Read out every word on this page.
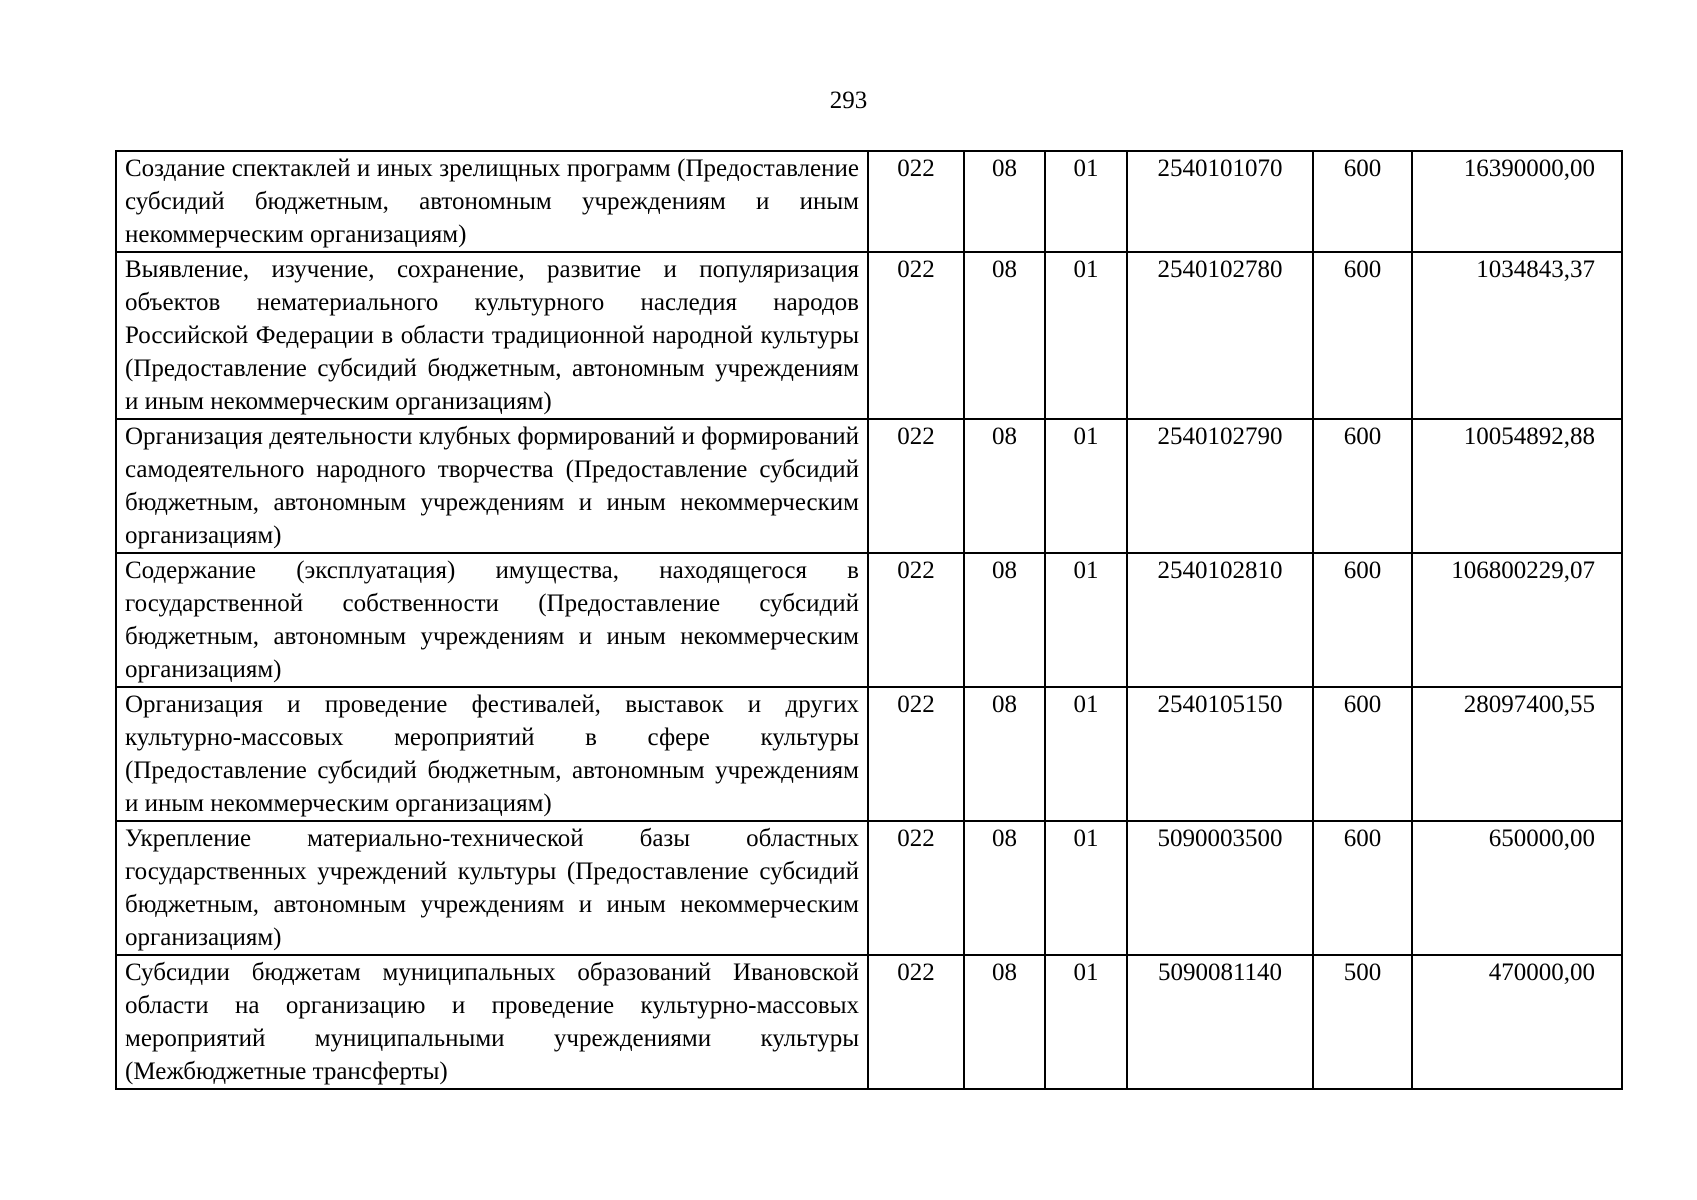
293
Создание спектаклей и иных зрелищных программ (Предоставление субсидий бюджетным, автономным учреждениям и иным некоммерческим организациям)	022	08	01	2540101070	600	16390000,00
Выявление, изучение, сохранение, развитие и популяризация объектов нематериального культурного наследия народов Российской Федерации в области традиционной народной культуры (Предоставление субсидий бюджетным, автономным учреждениям и иным некоммерческим организациям)	022	08	01	2540102780	600	1034843,37
Организация деятельности клубных формирований и формирований самодеятельного народного творчества (Предоставление субсидий бюджетным, автономным учреждениям и иным некоммерческим организациям)	022	08	01	2540102790	600	10054892,88
Содержание (эксплуатация) имущества, находящегося в государственной собственности (Предоставление субсидий бюджетным, автономным учреждениям и иным некоммерческим организациям)	022	08	01	2540102810	600	106800229,07
Организация и проведение фестивалей, выставок и других культурно-массовых мероприятий в сфере культуры (Предоставление субсидий бюджетным, автономным учреждениям и иным некоммерческим организациям)	022	08	01	2540105150	600	28097400,55
Укрепление материально-технической базы областных государственных учреждений культуры (Предоставление субсидий бюджетным, автономным учреждениям и иным некоммерческим организациям)	022	08	01	5090003500	600	650000,00
Субсидии бюджетам муниципальных образований Ивановской области на организацию и проведение культурно-массовых мероприятий муниципальными учреждениями культуры (Межбюджетные трансферты)	022	08	01	5090081140	500	470000,00
